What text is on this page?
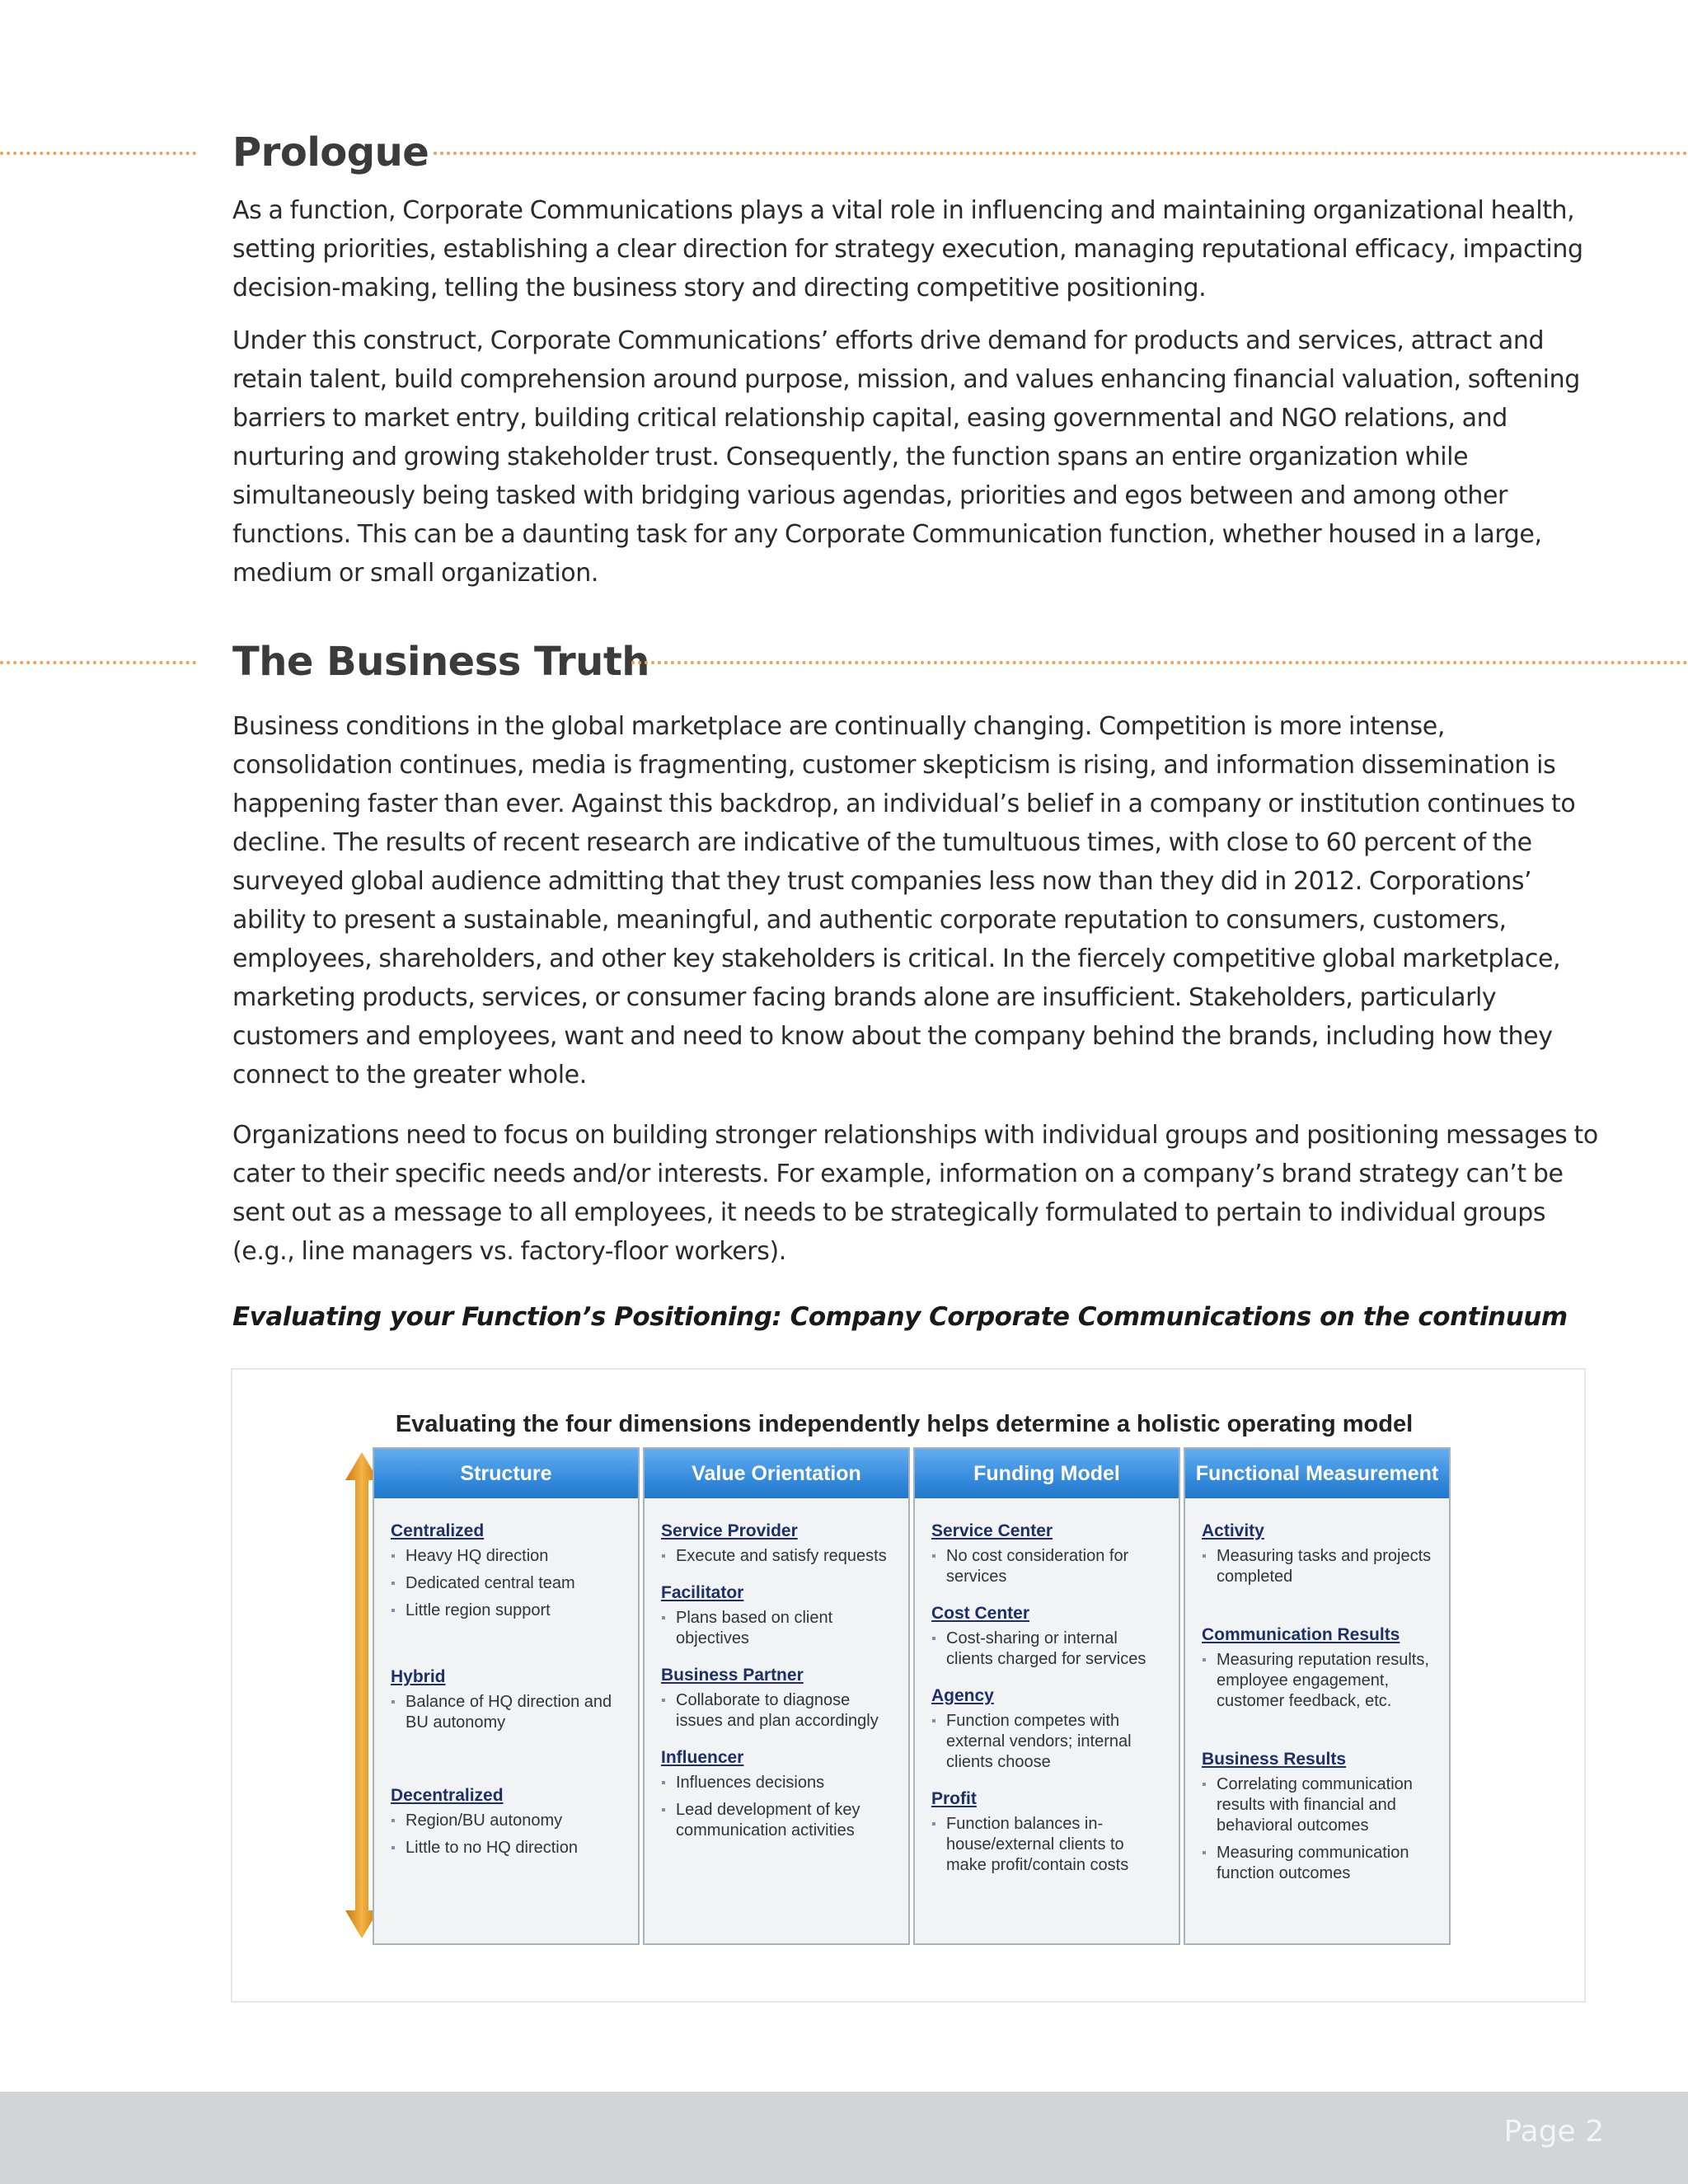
Prologue

As a function, Corporate Communications plays a vital role in influencing and maintaining organizational health, setting priorities, establishing a clear direction for strategy execution, managing reputational efficacy, impacting decision-making, telling the business story and directing competitive positioning.

Under this construct, Corporate Communications’ efforts drive demand for products and services, attract and retain talent, build comprehension around purpose, mission, and values enhancing financial valuation, softening barriers to market entry, building critical relationship capital, easing governmental and NGO relations, and nurturing and growing stakeholder trust. Consequently, the function spans an entire organization while simultaneously being tasked with bridging various agendas, priorities and egos between and among other functions. This can be a daunting task for any Corporate Communication function, whether housed in a large, medium or small organization.

The Business Truth

Business conditions in the global marketplace are continually changing. Competition is more intense, consolidation continues, media is fragmenting, customer skepticism is rising, and information dissemination is happening faster than ever. Against this backdrop, an individual’s belief in a company or institution continues to decline. The results of recent research are indicative of the tumultuous times, with close to 60 percent of the surveyed global audience admitting that they trust companies less now than they did in 2012. Corporations’ ability to present a sustainable, meaningful, and authentic corporate reputation to consumers, customers, employees, shareholders, and other key stakeholders is critical. In the fiercely competitive global marketplace, marketing products, services, or consumer facing brands alone are insufficient. Stakeholders, particularly customers and employees, want and need to know about the company behind the brands, including how they connect to the greater whole.

Organizations need to focus on building stronger relationships with individual groups and positioning messages to cater to their specific needs and/or interests. For example, information on a company’s brand strategy can’t be sent out as a message to all employees, it needs to be strategically formulated to pertain to individual groups (e.g., line managers vs. factory-floor workers).

Evaluating your Function’s Positioning: Company Corporate Communications on the continuum

Evaluating the four dimensions independently helps determine a holistic operating model

Structure
Centralized
▪ Heavy HQ direction
▪ Dedicated central team
▪ Little region support
Hybrid
▪ Balance of HQ direction and BU autonomy
Decentralized
▪ Region/BU autonomy
▪ Little to no HQ direction
Value Orientation
Service Provider
▪ Execute and satisfy requests
Facilitator
▪ Plans based on client objectives
Business Partner
▪ Collaborate to diagnose issues and plan accordingly
Influencer
▪ Influences decisions
▪ Lead development of key communication activities
Funding Model
Service Center
▪ No cost consideration for services
Cost Center
▪ Cost-sharing or internal clients charged for services
Agency
▪ Function competes with external vendors; internal clients choose
Profit
▪ Function balances in-house/external clients to make profit/contain costs
Functional Measurement
Activity
▪ Measuring tasks and projects completed
Communication Results
▪ Measuring reputation results, employee engagement, customer feedback, etc.
Business Results
▪ Correlating communication results with financial and behavioral outcomes
▪ Measuring communication function outcomes
Page 2
